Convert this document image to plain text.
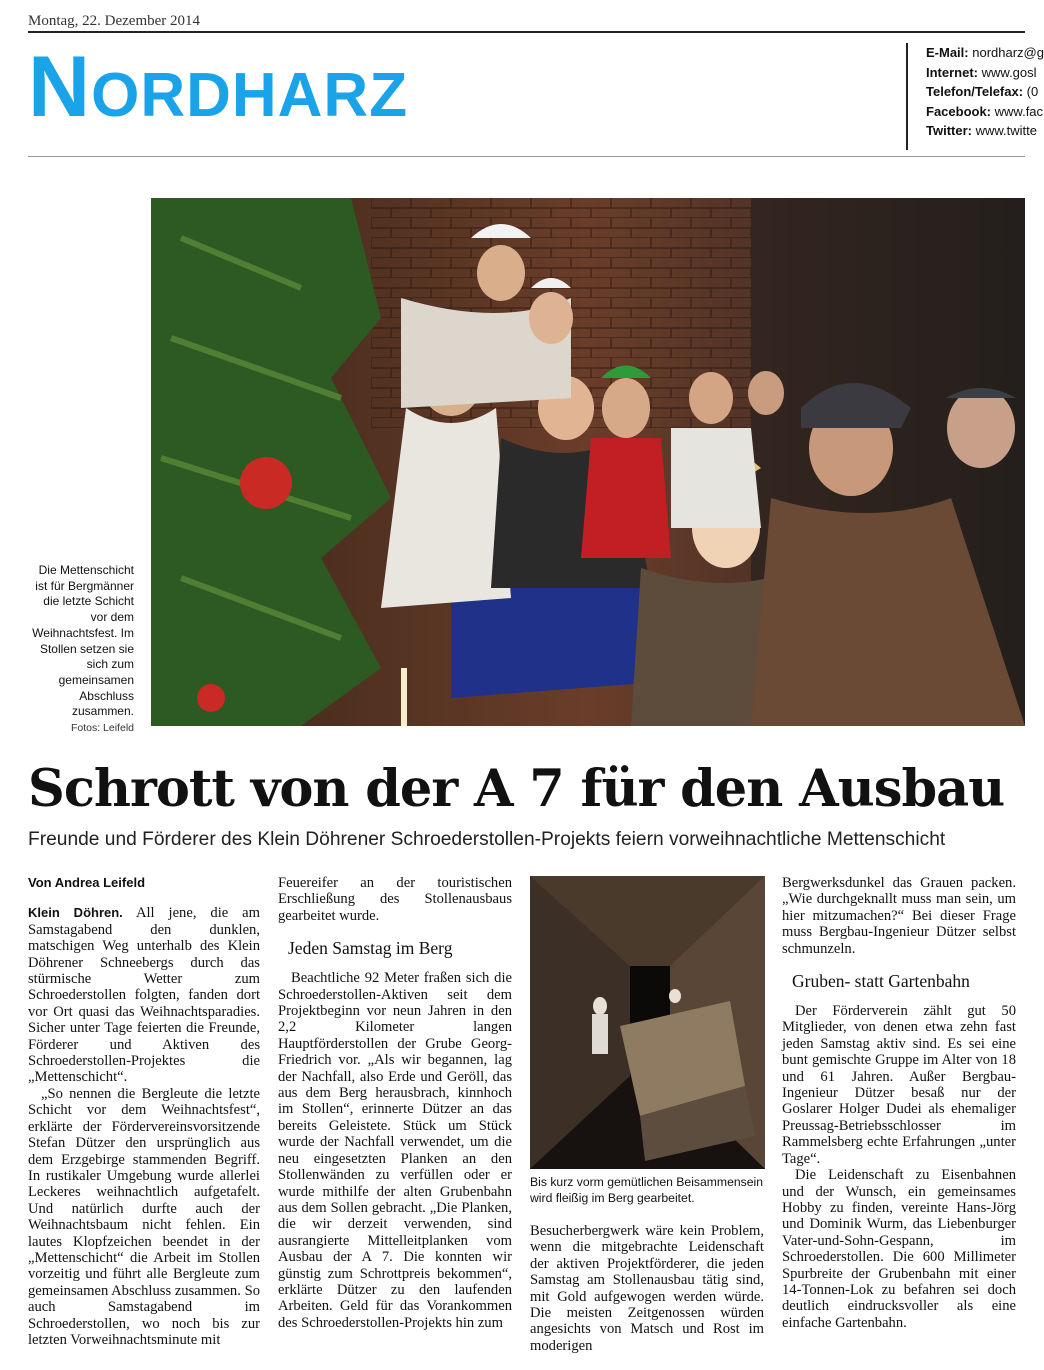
Montag, 22. Dezember 2014
NORDHARZ
E-Mail: nordharz@g
Internet: www.gosl
Telefon/Telefax: (0
Facebook: www.fac
Twitter: www.twitte
Die Mettenschicht ist für Bergmänner die letzte Schicht vor dem Weihnachtsfest. Im Stollen setzen sie sich zum gemeinsamen Abschluss zusammen.
Fotos: Leifeld
Schrott von der A 7 für den Ausbau
Freunde und Förderer des Klein Döhrener Schroederstollen-Projekts feiern vorweihnachtliche Mettenschicht
Von Andrea Leifeld

Klein Döhren. All jene, die am Samstagabend den dunklen, matschigen Weg unterhalb des Klein Döhrener Schneebergs durch das stürmische Wetter zum Schroederstollen folgten, fanden dort vor Ort quasi das Weihnachtsparadies. Sicher unter Tage feierten die Freunde, Förderer und Aktiven des Schroederstollen-Projektes die „Mettenschicht“.

„So nennen die Bergleute die letzte Schicht vor dem Weihnachtsfest“, erklärte der Fördervereinsvorsitzende Stefan Dützer den ursprünglich aus dem Erzgebirge stammenden Begriff. In rustikaler Umgebung wurde allerlei Leckeres weihnachtlich aufgetafelt. Und natürlich durfte auch der Weihnachtsbaum nicht fehlen. Ein lautes Klopfzeichen beendet in der „Mettenschicht“ die Arbeit im Stollen vorzeitig und führt alle Bergleute zum gemeinsamen Abschluss zusammen. So auch Samstagabend im Schroederstollen, wo noch bis zur letzten Vorweihnachtsminute mit

Feuereifer an der touristischen Erschließung des Stollenausbaus gearbeitet wurde.

Jeden Samstag im Berg

Beachtliche 92 Meter fraßen sich die Schroederstollen-Aktiven seit dem Projektbeginn vor neun Jahren in den 2,2 Kilometer langen Hauptförderstollen der Grube Georg-Friedrich vor. „Als wir begannen, lag der Nachfall, also Erde und Geröll, das aus dem Berg herausbrach, kinnhoch im Stollen“, erinnerte Dützer an das bereits Geleistete. Stück um Stück wurde der Nachfall verwendet, um die neu eingesetzten Planken an den Stollenwänden zu verfüllen oder er wurde mithilfe der alten Grubenbahn aus dem Sollen gebracht. „Die Planken, die wir derzeit verwenden, sind ausrangierte Mittelleitplanken vom Ausbau der A 7. Die konnten wir günstig zum Schrottpreis bekommen“, erklärte Dützer zu den laufenden Arbeiten. Geld für das Vorankommen des Schroederstollen-Projekts hin zum

Bis kurz vorm gemütlichen Beisammensein wird fleißig im Berg gearbeitet.

Besucherbergwerk wäre kein Problem, wenn die mitgebrachte Leidenschaft der aktiven Projektförderer, die jeden Samstag am Stollenausbau tätig sind, mit Gold aufgewogen werden würde. Die meisten Zeitgenossen würden angesichts von Matsch und Rost im moderigen

Bergwerksdunkel das Grauen packen. „Wie durchgeknallt muss man sein, um hier mitzumachen?“ Bei dieser Frage muss Bergbau-Ingenieur Dützer selbst schmunzeln.

Gruben- statt Gartenbahn

Der Förderverein zählt gut 50 Mitglieder, von denen etwa zehn fast jeden Samstag aktiv sind. Es sei eine bunt gemischte Gruppe im Alter von 18 und 61 Jahren. Außer Bergbau-Ingenieur Dützer besaß nur der Goslarer Holger Dudei als ehemaliger Preussag-Betriebsschlosser im Rammelsberg echte Erfahrungen „unter Tage“.

Die Leidenschaft zu Eisenbahnen und der Wunsch, ein gemeinsames Hobby zu finden, vereinte Hans-Jörg und Dominik Wurm, das Liebenburger Vater-und-Sohn-Gespann, im Schroederstollen. Die 600 Millimeter Spurbreite der Grubenbahn mit einer 14-Tonnen-Lok zu befahren sei doch deutlich eindrucksvoller als eine einfache Gartenbahn.
